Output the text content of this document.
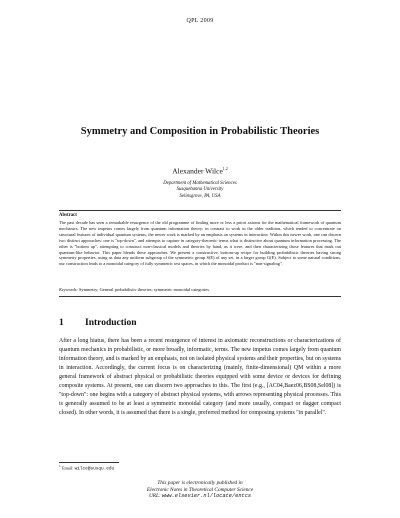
QPL 2009
Symmetry and Composition in Probabilistic Theories
Alexander Wilce$^{1,2}$
Department of Mathematical Sciences
Susquehanna University
Selinsgrove, PA, USA
Abstract
The past decade has seen a remarkable resurgence of the old programme of finding more or less a priori axioms for the mathematical framework of quantum mechanics. The new impetus comes largely from quantum information theory; in contrast to work in the older tradition, which tended to concentrate on structural features of individual quantum systems, the newer work is marked by an emphasis on systems in interaction. Within this newer work, one can discern two distinct approaches: one is "top-down", and attempts to capture in category-theoretic terms what is distinctive about quantum information processing. The other is "bottom up", attempting to construct non-classical models and theories by hand, as it were, and then characterizing those features that mark out quantum-like behavior. This paper blends these approaches. We present a constructive, bottom-up recipe for building probabilistic theories having strong symmetry properties, using as data any uniform subgroup of the symmetric group S(E) of any set, in a larger group G(E). Subject to some natural conditions, our construction leads to a monoidal category of fully symmetric test spaces, in which the monoidal product is "non-signaling".
Keywords: Symmetry; General probabilistic theories; symmetric monoidal categories
1 Introduction
After a long hiatus, there has been a recent resurgence of interest in axiomatic reconstructions or characterizations of quantum mechanics in probabilistic, or more broadly, informatic, terms. The new impetus comes largely from quantum information theory, and is marked by an emphasis, not on isolated physical systems and their properties, but on systems in interaction. Accordingly, the current focus is on characterizing (mainly, finite-dimensional) QM within a more general framework of abstract physical or probabilistic theories equipped with some device or devices for defining composite systems. At present, one can discern two approaches to this. The first (e.g., [AC04,Baez06,BS08,Sel08]) is "top-down": one begins with a category of abstract physical systems, with arrows representing physical processes. This is generally assumed to be at least a symmetric monoidal category (and more usually, compact or dagger compact closed). In other words, it is assumed that there is a single, preferred method for composing systems "in parallel".
$^1$ Email: wilce@susqu.edu
This paper is electronically published in
Electronic Notes in Theoretical Computer Science
URL: www.elsevier.nl/locate/entcs
